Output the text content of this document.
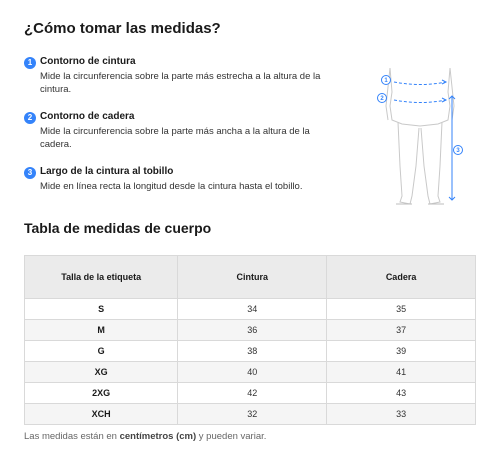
¿Cómo tomar las medidas?
1 Contorno de cintura
Mide la circunferencia sobre la parte más estrecha a la altura de la cintura.
2 Contorno de cadera
Mide la circunferencia sobre la parte más ancha a la altura de la cadera.
3 Largo de la cintura al tobillo
Mide en línea recta la longitud desde la cintura hasta el tobillo.
1
2
3
Tabla de medidas de cuerpo
Talla de la etiqueta	Cintura	Cadera
S	34	35
M	36	37
G	38	39
XG	40	41
2XG	42	43
XCH	32	33
Las medidas están en centímetros (cm) y pueden variar.
